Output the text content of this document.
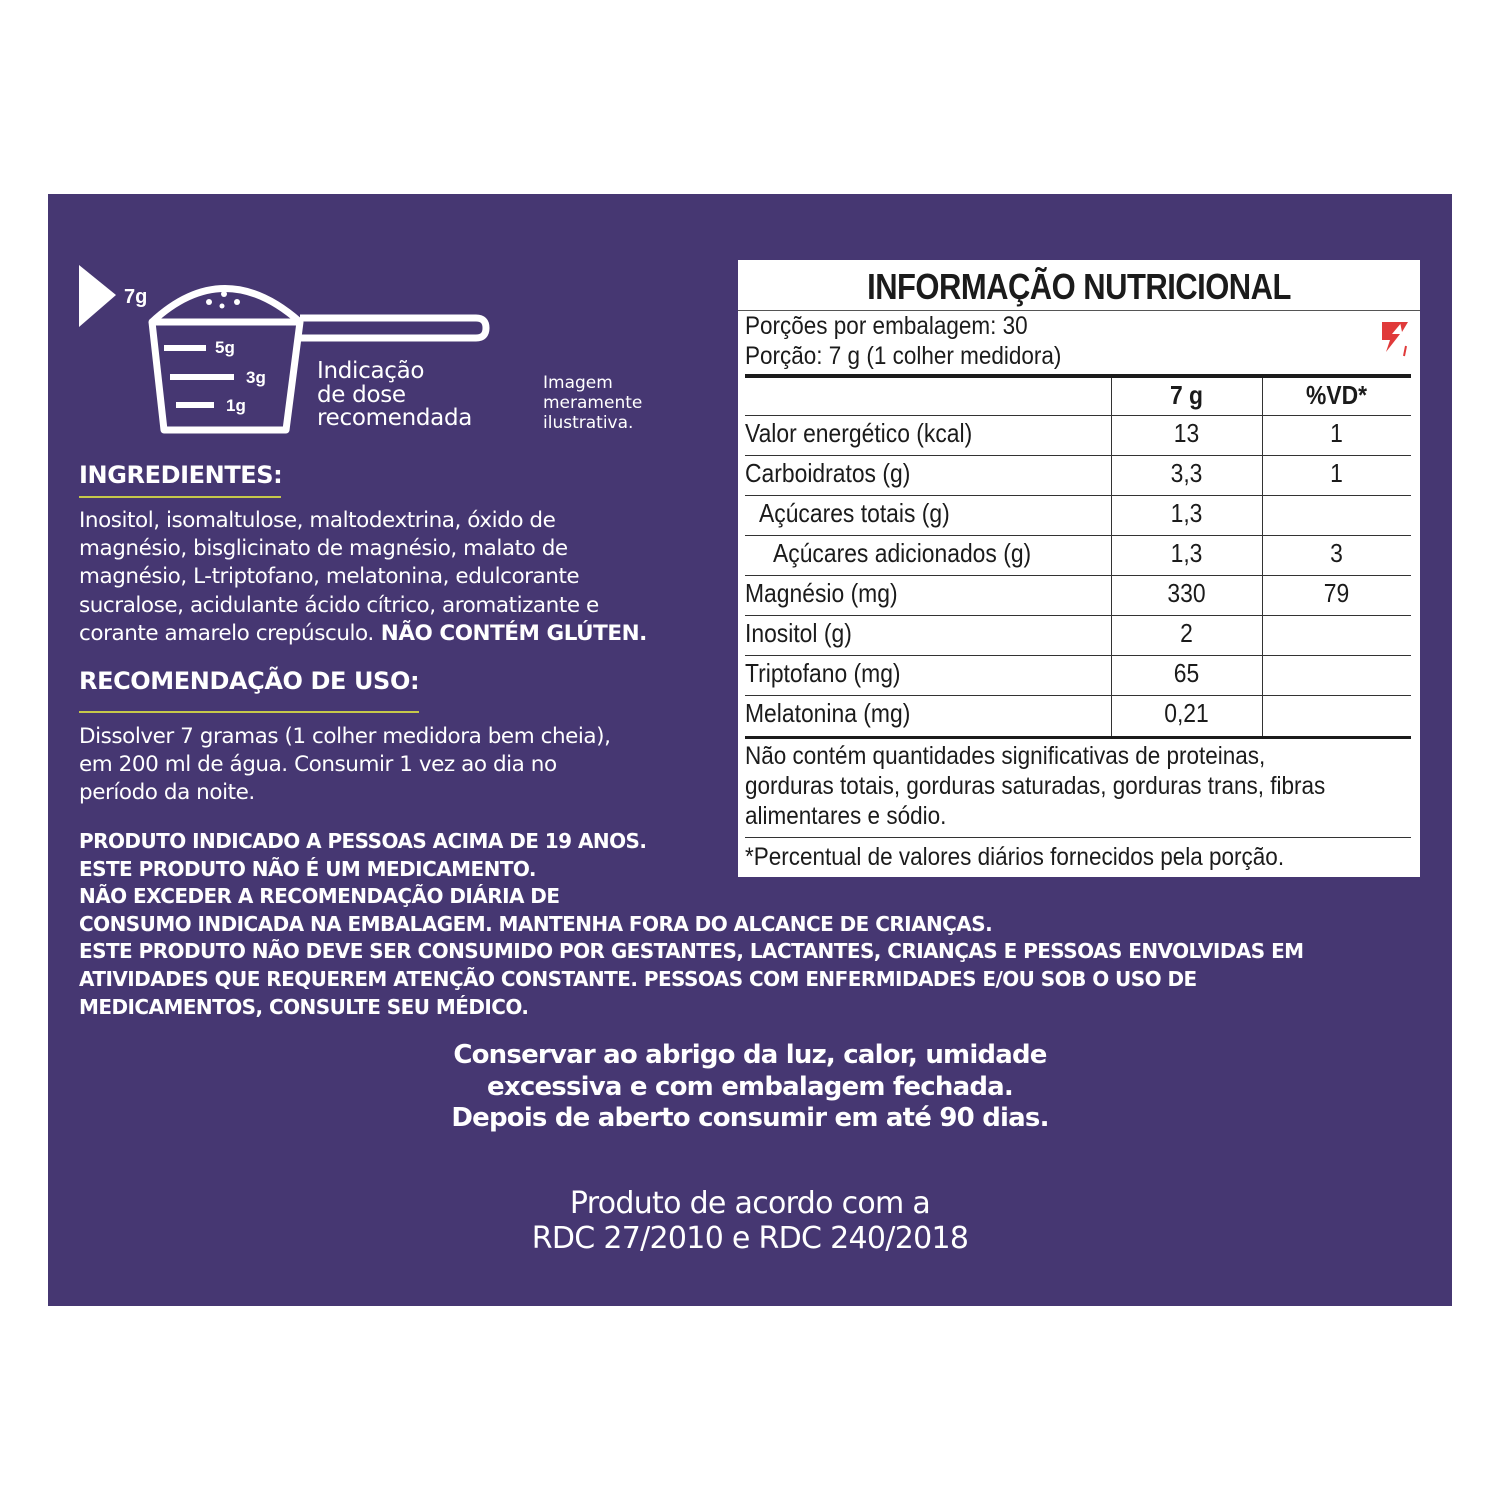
7g
5g
3g
1g
Indicação
de dose
recomendada
Imagem
meramente
ilustrativa.
INGREDIENTES:
Inositol, isomaltulose, maltodextrina, óxido de
magnésio, bisglicinato de magnésio, malato de
magnésio, L-triptofano, melatonina, edulcorante
sucralose, acidulante ácido cítrico, aromatizante e
corante amarelo crepúsculo. NÃO CONTÉM GLÚTEN.
RECOMENDAÇÃO DE USO:
Dissolver 7 gramas (1 colher medidora bem cheia),
em 200 ml de água. Consumir 1 vez ao dia no
período da noite.
PRODUTO INDICADO A PESSOAS ACIMA DE 19 ANOS.
ESTE PRODUTO NÃO É UM MEDICAMENTO.
NÃO EXCEDER A RECOMENDAÇÃO DIÁRIA DE
CONSUMO INDICADA NA EMBALAGEM. MANTENHA FORA DO ALCANCE DE CRIANÇAS.
ESTE PRODUTO NÃO DEVE SER CONSUMIDO POR GESTANTES, LACTANTES, CRIANÇAS E PESSOAS ENVOLVIDAS EM
ATIVIDADES QUE REQUEREM ATENÇÃO CONSTANTE. PESSOAS COM ENFERMIDADES E/OU SOB O USO DE
MEDICAMENTOS, CONSULTE SEU MÉDICO.
Conservar ao abrigo da luz, calor, umidade
excessiva e com embalagem fechada.
Depois de aberto consumir em até 90 dias.
Produto de acordo com a
RDC 27/2010 e RDC 240/2018
INFORMAÇÃO NUTRICIONAL
Porções por embalagem: 30
Porção: 7 g (1 colher medidora)
7 g	%VD*
Valor energético (kcal)	13	1
Carboidratos (g)	3,3	1
Açúcares totais (g)	1,3
Açúcares adicionados (g)	1,3	3
Magnésio (mg)	330	79
Inositol (g)	2
Triptofano (mg)	65
Melatonina (mg)	0,21
Não contém quantidades significativas de proteinas,
gorduras totais, gorduras saturadas, gorduras trans, fibras
alimentares e sódio.
*Percentual de valores diários fornecidos pela porção.
